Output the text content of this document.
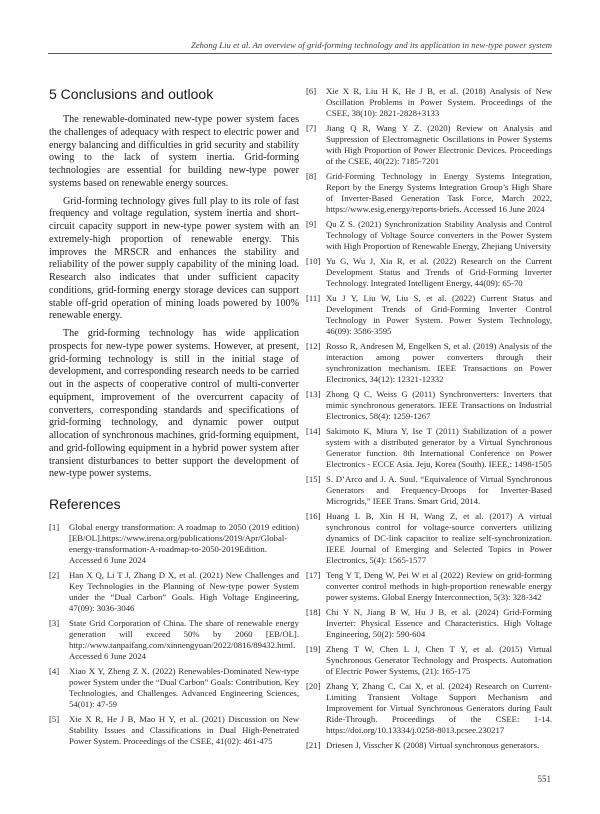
Zehong Liu et al. An overview of grid-forming technology and its application in new-type power system
5 Conclusions and outlook

The renewable-dominated new-type power system faces the challenges of adequacy with respect to electric power and energy balancing and difficulties in grid security and stability owing to the lack of system inertia. Grid-forming technologies are essential for building new-type power systems based on renewable energy sources.

Grid-forming technology gives full play to its role of fast frequency and voltage regulation, system inertia and short-circuit capacity support in new-type power system with an extremely-high proportion of renewable energy. This improves the MRSCR and enhances the stability and reliability of the power supply capability of the mining load. Research also indicates that under sufficient capacity conditions, grid-forming energy storage devices can support stable off-grid operation of mining loads powered by 100% renewable energy.

The grid-forming technology has wide application prospects for new-type power systems. However, at present, grid-forming technology is still in the initial stage of development, and corresponding research needs to be carried out in the aspects of cooperative control of multi-converter equipment, improvement of the overcurrent capacity of converters, corresponding standards and specifications of grid-forming technology, and dynamic power output allocation of synchronous machines, grid-forming equipment, and grid-following equipment in a hybrid power system after transient disturbances to better support the development of new-type power systems.

References
[1] Global energy transformation: A roadmap to 2050 (2019 edition) [EB/OL].https://www.irena.org/publications/2019/Apr/Global-energy-transformation-A-roadmap-to-2050-2019Edition. Accessed 6 June 2024
[2] Han X Q, Li T J, Zhang D X, et al. (2021) New Challenges and Key Technologies in the Planning of New-type power System under the “Dual Carbon” Goals. High Voltage Engineering, 47(09): 3036-3046
[3] State Grid Corporation of China. The share of renewable energy generation will exceed 50% by 2060 [EB/OL]. http://www.tanpaifang.com/xinnengyuan/2022/0816/89432.html. Accessed 6 June 2024
[4] Xiao X Y, Zheng Z X. (2022) Renewables-Dominated New-type power System under the “Dual Carbon” Goals: Contribution, Key Technologies, and Challenges. Advanced Engineering Sciences, 54(01): 47-59
[5] Xie X R, He J B, Mao H Y, et al. (2021) Discussion on New Stability Issues and Classifications in Dual High-Penetrated Power System. Proceedings of the CSEE, 41(02): 461-475
[6] Xie X R, Liu H K, He J B, et al. (2018) Analysis of New Oscillation Problems in Power System. Proceedings of the CSEE, 38(10): 2821-2828+3133
[7] Jiang Q R, Wang Y Z. (2020) Review on Analysis and Suppression of Electromagnetic Oscillations in Power Systems with High Proportion of Power Electronic Devices. Proceedings of the CSEE, 40(22): 7185-7201
[8] Grid-Forming Technology in Energy Systems Integration, Report by the Energy Systems Integration Group’s High Share of Inverter-Based Generation Task Force, March 2022, https://www.esig.energy/reports-briefs. Accessed 16 June 2024
[9] Qu Z S. (2021) Synchronization Stability Analysis and Control Technology of Voltage Source converters in the Power System with High Proportion of Renewable Energy, Zhejiang University
[10] Yu G, Wu J, Xia R, et al. (2022) Research on the Current Development Status and Trends of Grid-Forming Inverter Technology. Integrated Intelligent Energy, 44(09): 65-70
[11] Xu J Y, Liu W, Liu S, et al. (2022) Current Status and Development Trends of Grid-Forming Inverter Control Technology in Power System. Power System Technology, 46(09): 3586-3595
[12] Rosso R, Andresen M, Engelken S, et al. (2019) Analysis of the interaction among power converters through their synchronization mechanism. IEEE Transactions on Power Electronics, 34(12): 12321-12332
[13] Zhong Q C, Weiss G (2011) Synchronverters: Inverters that mimic synchronous generators. IEEE Transactions on Industrial Electronics, 58(4): 1259-1267
[14] Sakimoto K, Miura Y, Ise T (2011) Stabilization of a power system with a distributed generator by a Virtual Synchronous Generator function. 8th International Conference on Power Electronics - ECCE Asia. Jeju, Korea (South). IEEE,: 1498-1505
[15] S. D’Arco and J. A. Suul. “Equivalence of Virtual Synchronous Generators and Frequency-Droops for Inverter-Based Microgrids,” IEEE Trans. Smart Grid, 2014.
[16] Huang L B, Xin H H, Wang Z, et al. (2017) A virtual synchronous control for voltage-source converters utilizing dynamics of DC-link capacitor to realize self-synchronization. IEEE Journal of Emerging and Selected Topics in Power Electronics, 5(4): 1565-1577
[17] Teng Y T, Deng W, Pei W et al (2022) Review on grid-forming converter control methods in high-proportion renewable energy power systems. Global Energy Interconnection, 5(3): 328-342
[18] Chi Y N, Jiang B W, Hu J B, et al. (2024) Grid-Forming Inverter: Physical Essence and Characteristics. High Voltage Engineering, 50(2): 590-604
[19] Zheng T W, Chen L J, Chen T Y, et al. (2015) Virtual Synchronous Generator Technology and Prospects. Automation of Electric Power Systems, (21): 165-175
[20] Zhang Y, Zhang C, Cai X, et al. (2024) Research on Current-Limiting Transient Voltage Support Mechanism and Improvement for Virtual Synchronous Generators during Fault Ride-Through. Proceedings of the CSEE: 1-14. https://doi.org/10.13334/j.0258-8013.pcsee.230217
[21] Driesen J, Visscher K (2008) Virtual synchronous generators.
551
